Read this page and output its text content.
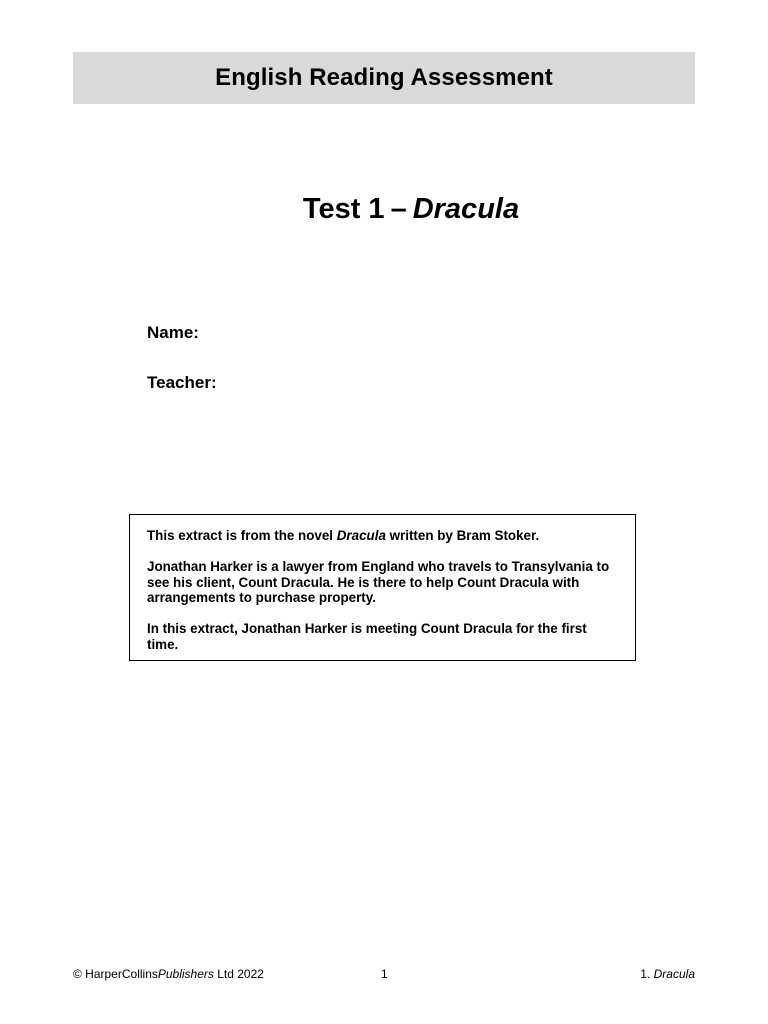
English Reading Assessment
Test 1 – Dracula
Name:
Teacher:

This extract is from the novel Dracula written by Bram Stoker.

Jonathan Harker is a lawyer from England who travels to Transylvania to see his client, Count Dracula. He is there to help Count Dracula with arrangements to purchase property.

In this extract, Jonathan Harker is meeting Count Dracula for the first time.

© HarperCollinsPublishers Ltd 2022	1	1. Dracula
